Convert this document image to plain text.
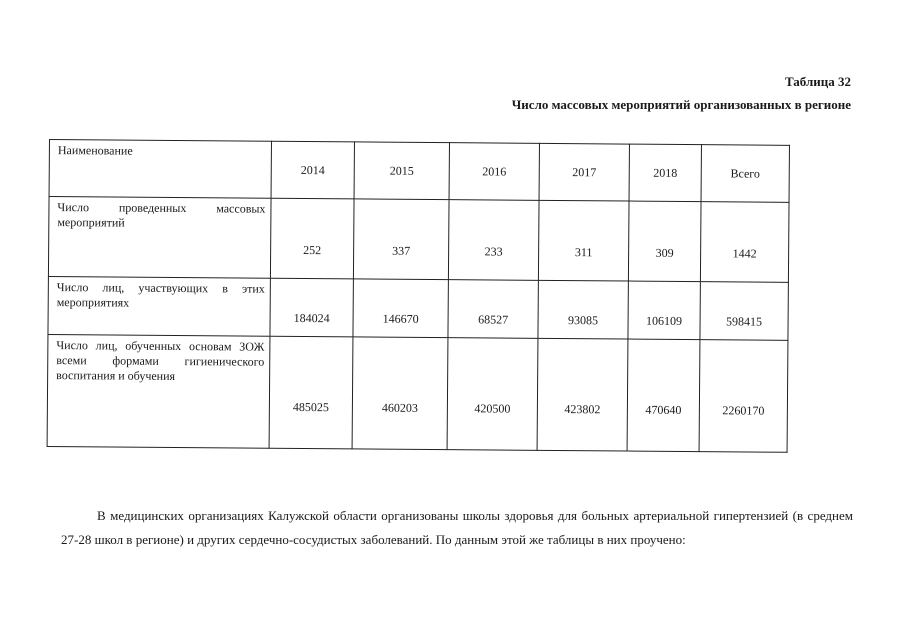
Таблица 32

Число массовых мероприятий организованных в регионе

Наименование	2014	2015	2016	2017	2018	Всего
Число проведенных массовых мероприятий	252	337	233	311	309	1442
Число лиц, участвующих в этих мероприятиях	184024	146670	68527	93085	106109	598415
Число лиц, обученных основам ЗОЖ всеми формами гигиенического воспитания и обучения	485025	460203	420500	423802	470640	2260170

В медицинских организациях Калужской области организованы школы здоровья для больных артериальной гипертензией (в среднем 27-28 школ в регионе) и других сердечно-сосудистых заболеваний. По данным этой же таблицы в них проучено:
